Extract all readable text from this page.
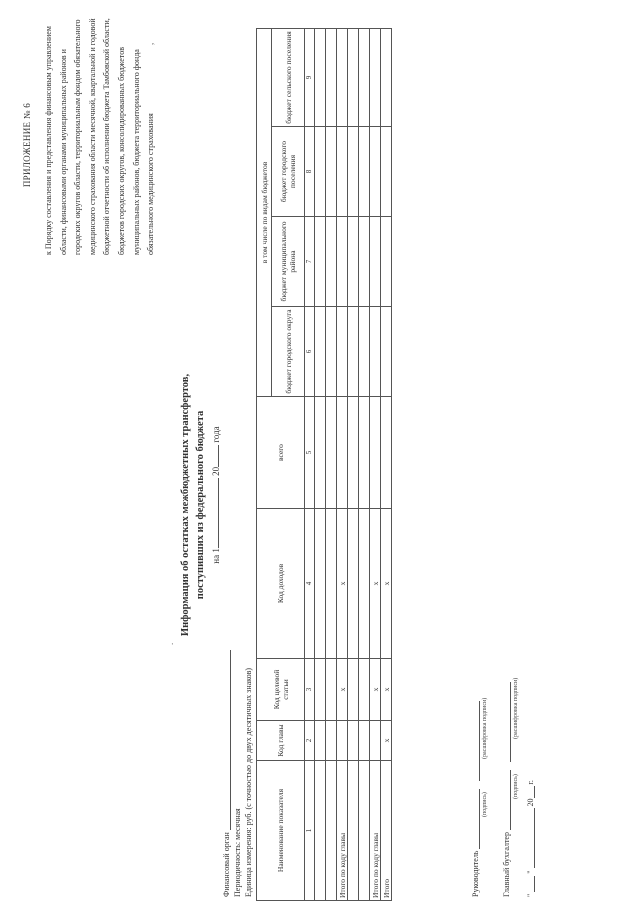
ПРИЛОЖЕНИЕ № 6 к Порядку составления и представления финансовым управлением области, финансовыми органами муниципальных районов и городских округов области, территориальным фондом обязательного медицинского страхования области месячной, квартальной и годовой бюджетной отчетности об исполнении бюджета Тамбовской области, бюджетов городских округов, консолидированных бюджетов муниципальных районов, бюджета территориального фонда обязательного медицинского страхования
,
.
Информация об остатках межбюджетных трансфертов, поступивших из федерального бюджета на 1 20 года
Финансовый орган Периодичность: месячная Единица измерения: руб. (с точностью до двух десятичных знаков)	Наименование показателя	Код главы	Код целевой статьи	Код доходов	всего	в том числе по видам бюджетов			
					бюджет городского округа	бюджет муниципального района	бюджет городского поселения	бюджет сельского поселения
1	2	3	4	5	6	7	8	9

Итого по коду главы		x	x					

Итого по коду главы		x	x					
Итого	x	x	x					
Руководитель
(подпись)
(расшифровка подписи)
Главный бухгалтер
(подпись)
(расшифровка подписи)
"  "  20 г.
